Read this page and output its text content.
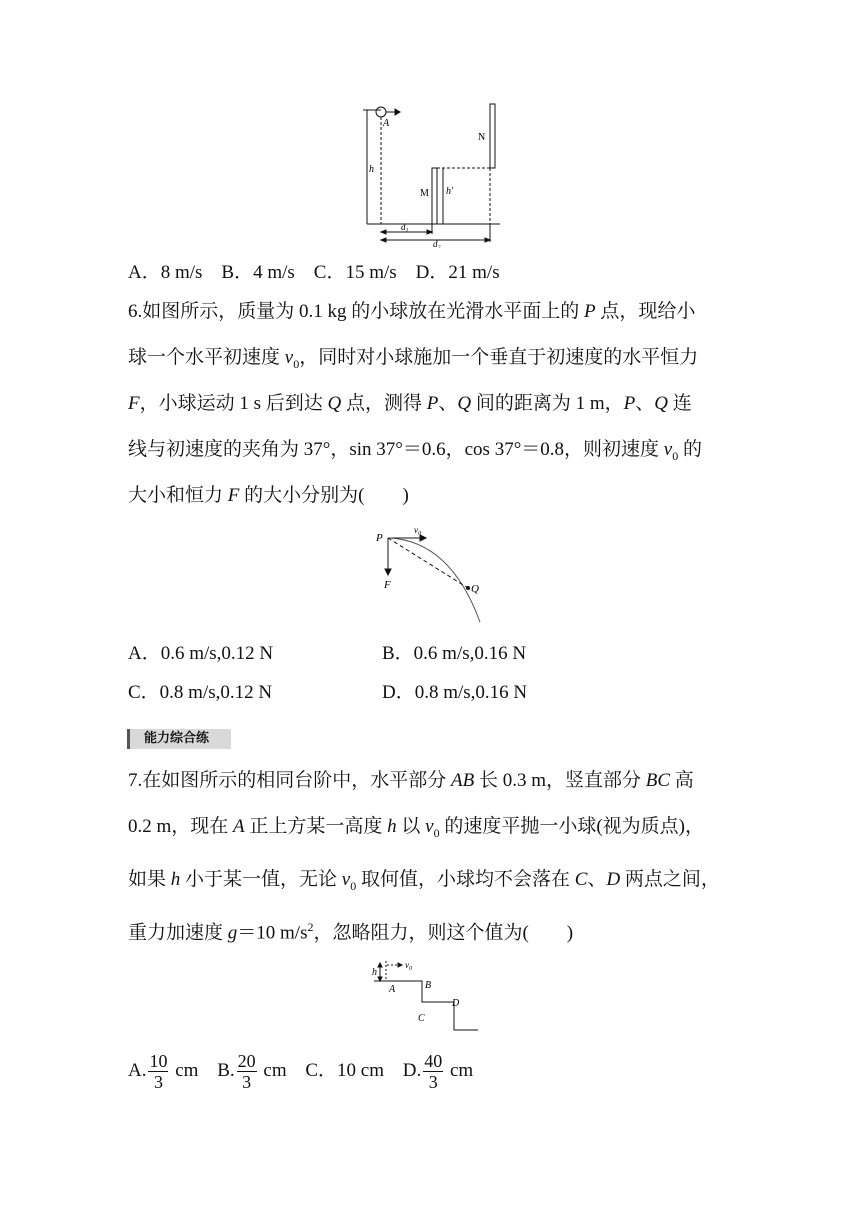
A
h
M h′
N
$d_1$
$d_2$
A．8 m/s　B．4 m/s　C．15 m/s　D．21 m/s
6.如图所示，质量为 0.1 kg 的小球放在光滑水平面上的 P 点，现给小
球一个水平初速度 $v_0$，同时对小球施加一个垂直于初速度的水平恒力
F，小球运动 1 s 后到达 Q 点，测得 P、Q 间的距离为 1 m，P、Q 连
线与初速度的夹角为 37°，sin 37°＝0.6，cos 37°＝0.8，则初速度 $v_0$ 的
大小和恒力 F 的大小分别为(　　)
P
$v_0$
F	Q
A．0.6 m/s,0.12 N	B．0.6 m/s,0.16 N
C．0.8 m/s,0.12 N	D．0.8 m/s,0.16 N
能力综合练
7.在如图所示的相同台阶中，水平部分 AB 长 0.3 m，竖直部分 BC 高
0.2 m，现在 A 正上方某一高度 h 以 $v_0$ 的速度平抛一小球(视为质点)，
如果 h 小于某一值，无论 $v_0$ 取何值，小球均不会落在 C、D 两点之间，
重力加速度 g＝10 $m/s^2$，忽略阻力，则这个值为(　　)
h
$v_0$
A	B
C
D
A. $\frac{10}{3}$ cm B. $\frac{20}{3}$ cm C．10 cm D. $\frac{40}{3}$ cm
